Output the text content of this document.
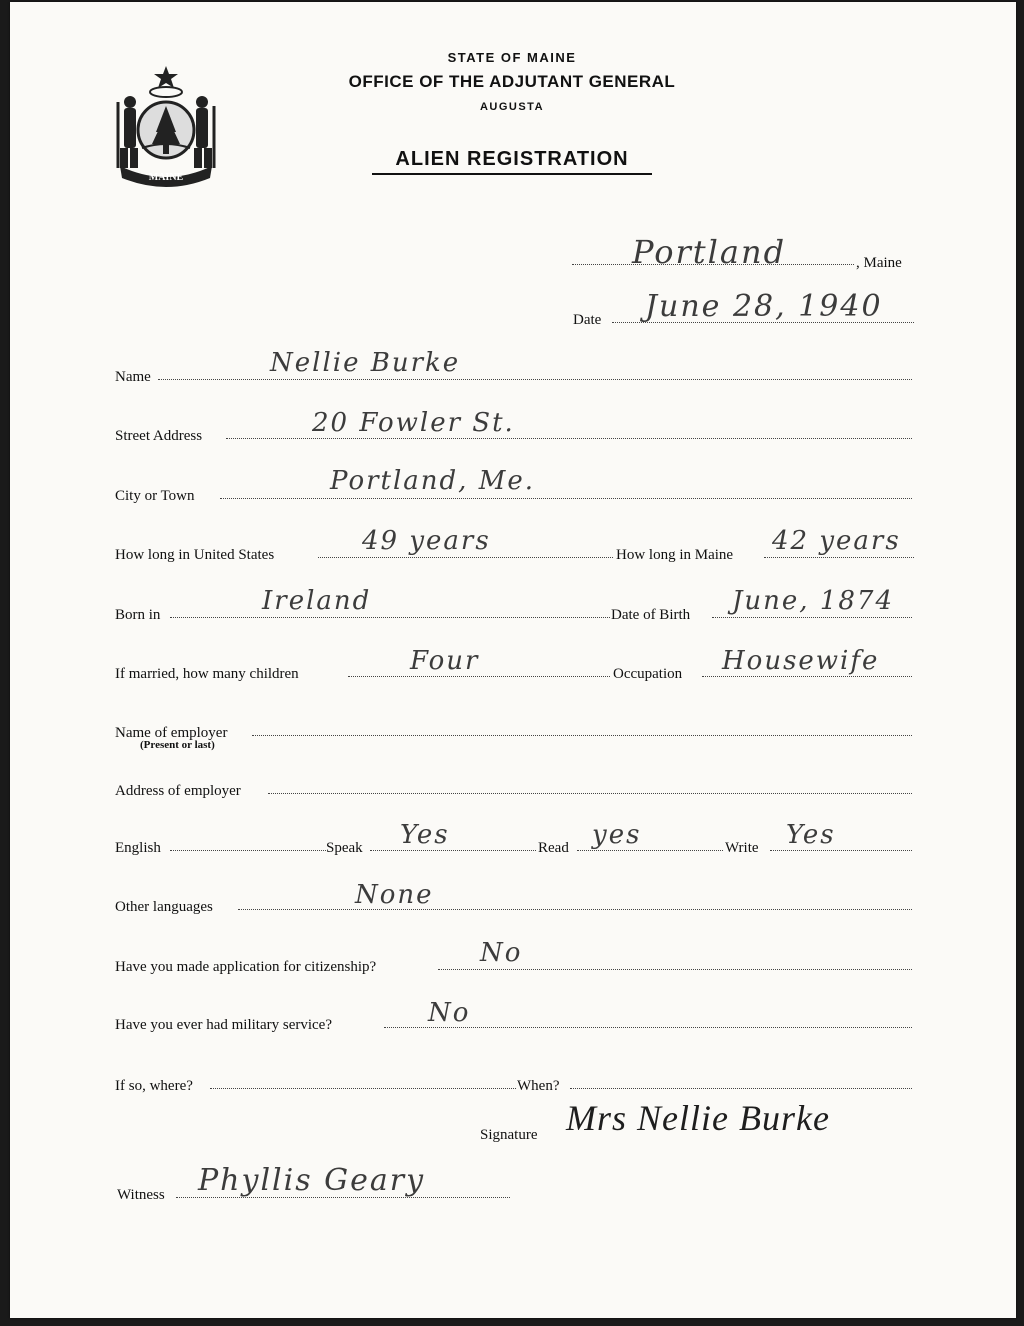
MAINE
STATE OF MAINE
OFFICE OF THE ADJUTANT GENERAL
AUGUSTA
ALIEN REGISTRATION
Portland	, Maine
Date June 28, 1940
Name	Nellie Burke
Street Address	20 Fowler St.
City or Town	Portland, Me.
How long in United States	49 years	How long in Maine 42 years
Born in	Ireland	Date of Birth June, 1874
If married, how many children	Four	Occupation Housewife
Name of employer
(Present or last)
Address of employer
English	Speak Yes	Read yes	Write Yes
Other languages	None
Have you made application for citizenship?	No
Have you ever had military service?	No
If so, where?	When?
Signature Mrs Nellie Burke
Witness Phyllis Geary
